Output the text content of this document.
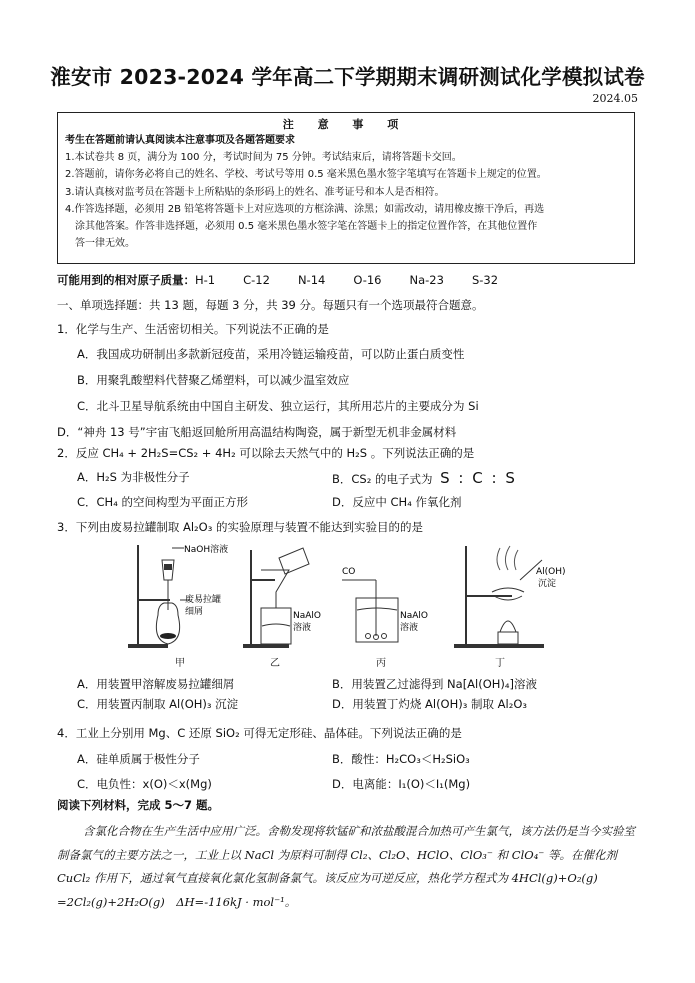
淮安市 2023-2024 学年高二下学期期末调研测试化学模拟试卷
2024.05
注 意 事 项
考生在答题前请认真阅读本注意事项及各题答题要求
1.本试卷共 8 页，满分为 100 分，考试时间为 75 分钟。考试结束后，请将答题卡交回。
2.答题前，请你务必将自己的姓名、学校、考试号等用 0.5 毫米黑色墨水签字笔填写在答题卡上规定的位置。
3.请认真核对监考员在答题卡上所粘贴的条形码上的姓名、准考证号和本人是否相符。
4.作答选择题，必须用 2B 铅笔将答题卡上对应选项的方框涂满、涂黑；如需改动，请用橡皮擦干净后，再选
涂其他答案。作答非选择题，必须用 0.5 毫米黑色墨水签字笔在答题卡上的指定位置作答，在其他位置作
答一律无效。
可能用到的相对原子质量：H-1 C-12 N-14 O-16 Na-23 S-32
一、单项选择题：共 13 题，每题 3 分，共 39 分。每题只有一个选项最符合题意。
1．化学与生产、生活密切相关。下列说法不正确的是
A．我国成功研制出多款新冠疫苗，采用冷链运输疫苗，可以防止蛋白质变性
B．用聚乳酸塑料代替聚乙烯塑料，可以减少温室效应
C．北斗卫星导航系统由中国自主研发、独立运行，其所用芯片的主要成分为 Si
D．“神舟 13 号”宇宙飞船返回舱所用高温结构陶瓷，属于新型无机非金属材料
2．反应 CH₄ + 2H₂S=CS₂ + 4H₂ 可以除去天然气中的 H₂S 。下列说法正确的是
A．H₂S 为非极性分子	B．CS₂ 的电子式为 S : C : S
C．CH₄ 的空间构型为平面正方形	D．反应中 CH₄ 作氧化剂
3．下列由废易拉罐制取 Al₂O₃ 的实验原理与装置不能达到实验目的的是
NaOH溶液
废易拉罐
细屑	NaAlO
溶液
CO
NaAlO
溶液
Al(OH)
沉淀
甲	乙	丙	丁
A．用装置甲溶解废易拉罐细屑	B．用装置乙过滤得到 Na[Al(OH)₄]溶液
C．用装置丙制取 Al(OH)₃ 沉淀	D．用装置丁灼烧 Al(OH)₃ 制取 Al₂O₃
4．工业上分别用 Mg、C 还原 SiO₂ 可得无定形硅、晶体硅。下列说法正确的是
A．硅单质属于极性分子	B．酸性：H₂CO₃＜H₂SiO₃
C．电负性：x(O)＜x(Mg)	D．电离能：I₁(O)＜I₁(Mg)
阅读下列材料，完成 5～7 题。
含氯化合物在生产生活中应用广泛。舍勒发现将软锰矿和浓盐酸混合加热可产生氯气，该方法仍是当今实验室制备氯气的主要方法之一，工业上以 NaCl 为原料可制得 Cl₂、Cl₂O、HClO、ClO₃⁻ 和 ClO₄⁻ 等。在催化剂 CuCl₂ 作用下，通过氧气直接氧化氯化氢制备氯气。该反应为可逆反应，热化学方程式为 4HCl(g)+O₂(g) =2Cl₂(g)+2H₂O(g)　ΔH=-116kJ · mol⁻¹。
